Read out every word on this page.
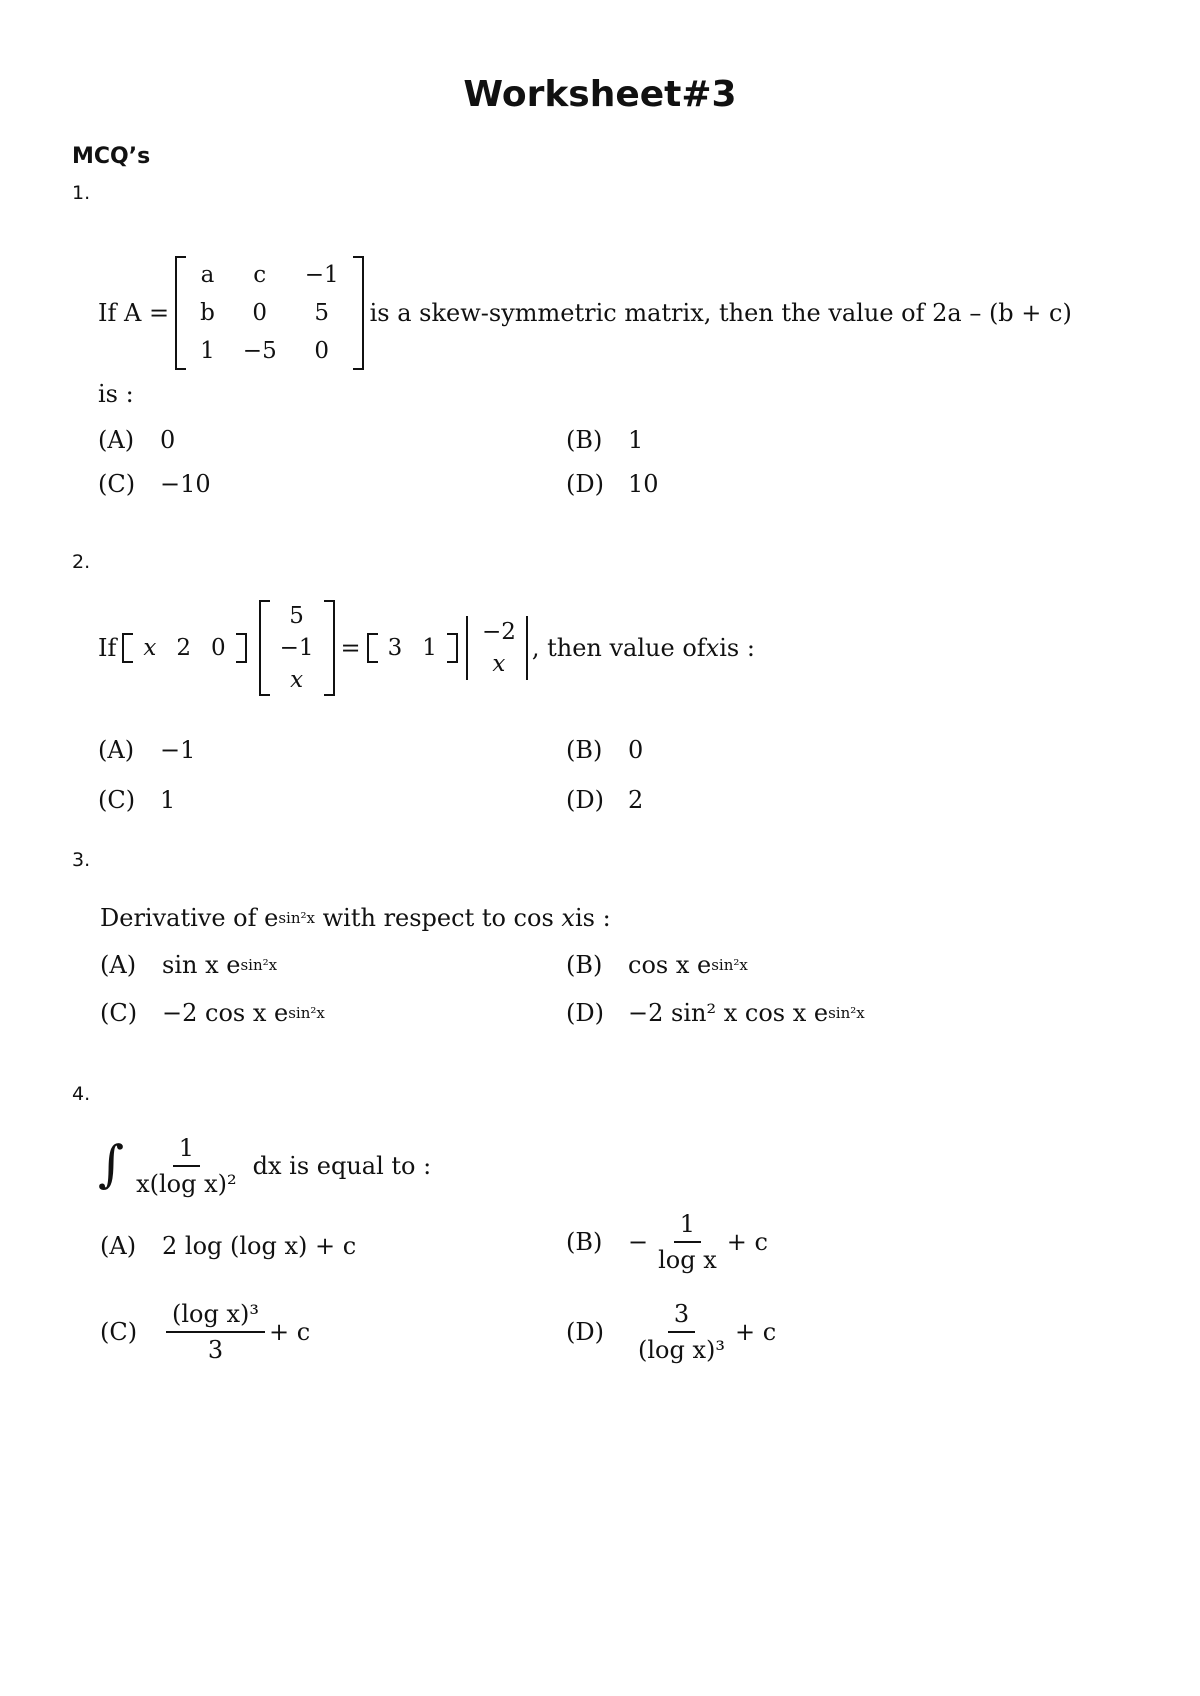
Worksheet#3
MCQ’s
1.
If A =
a	c	−1
b	0	5
1	−5	0
is a skew-symmetric matrix, then the value of 2a – (b + c)
is :
(A)	0	(B)	1
(C)	−10	(D)	10
2.
If x	2	0
5
−1
x
= 3	1
−2
x
, then value of x is :
(A)	−1	(B)	0
(C)	1	(D)	2
3.
Derivative of e sin²x with respect to cos x is :
(A)	sin x e sin²x	(B)	cos x e sin²x
(C)	−2 cos x e sin²x	(D)	−2 sin² x cos x e sin²x
4.
∫ $\frac{1}{\text{x(log x)²}}$ dx is equal to :
(A)	2 log (log x) + c	(B)	− $\frac{1}{\text{log x}} + c$
(C)	$\frac{\text{(log x)³}}{3} + c$	(D)	$\frac{3}{\text{(log x)³}} + c$
